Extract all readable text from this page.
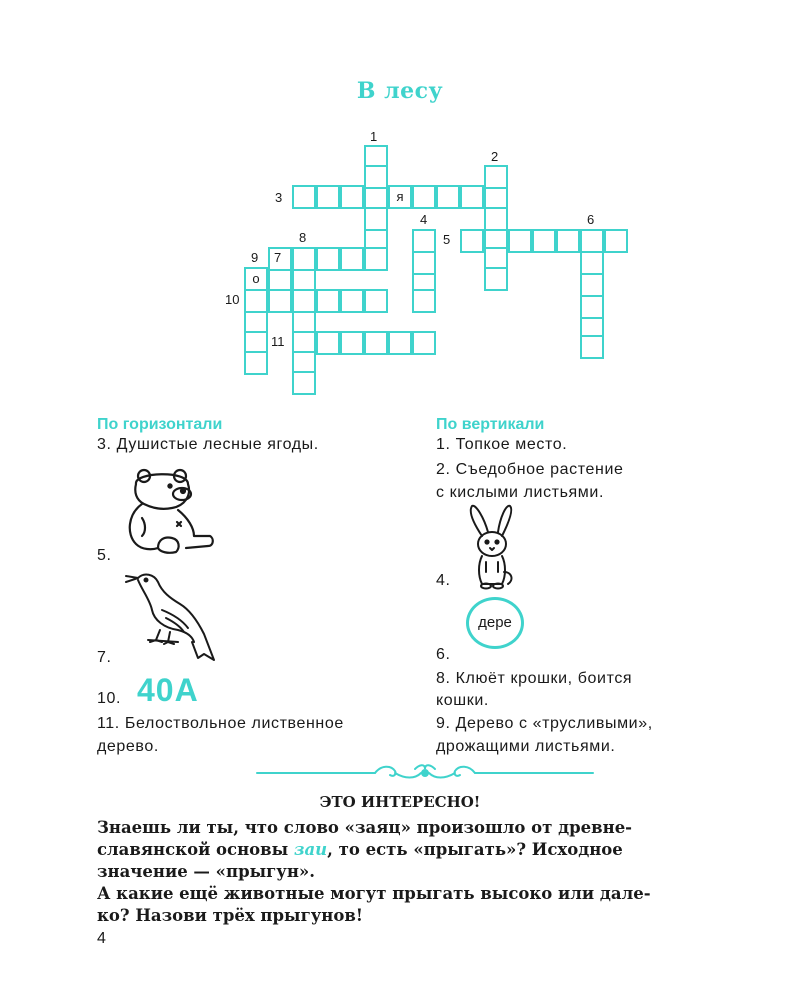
В лесу
я
о
1
2
3
4
5
6
7
8
9
10
11
По горизонтали
3. Душистые лесные ягоды.
5.
7.
10. 40А
11. Белоствольное лиственное
дерево.
По вертикали
1. Топкое место.
2. Съедобное растение
с кислыми листьями.
4.
дере
6.
8. Клюёт крошки, боится
кошки.
9. Дерево с «трусливыми»,
дрожащими листьями.
ЭТО ИНТЕРЕСНО!
Знаешь ли ты, что слово «заяц» произошло от древне-
славянской основы заи, то есть «прыгать»? Исходное
значение — «прыгун».
А какие ещё животные могут прыгать высоко или дале-
ко? Назови трёх прыгунов!
4
